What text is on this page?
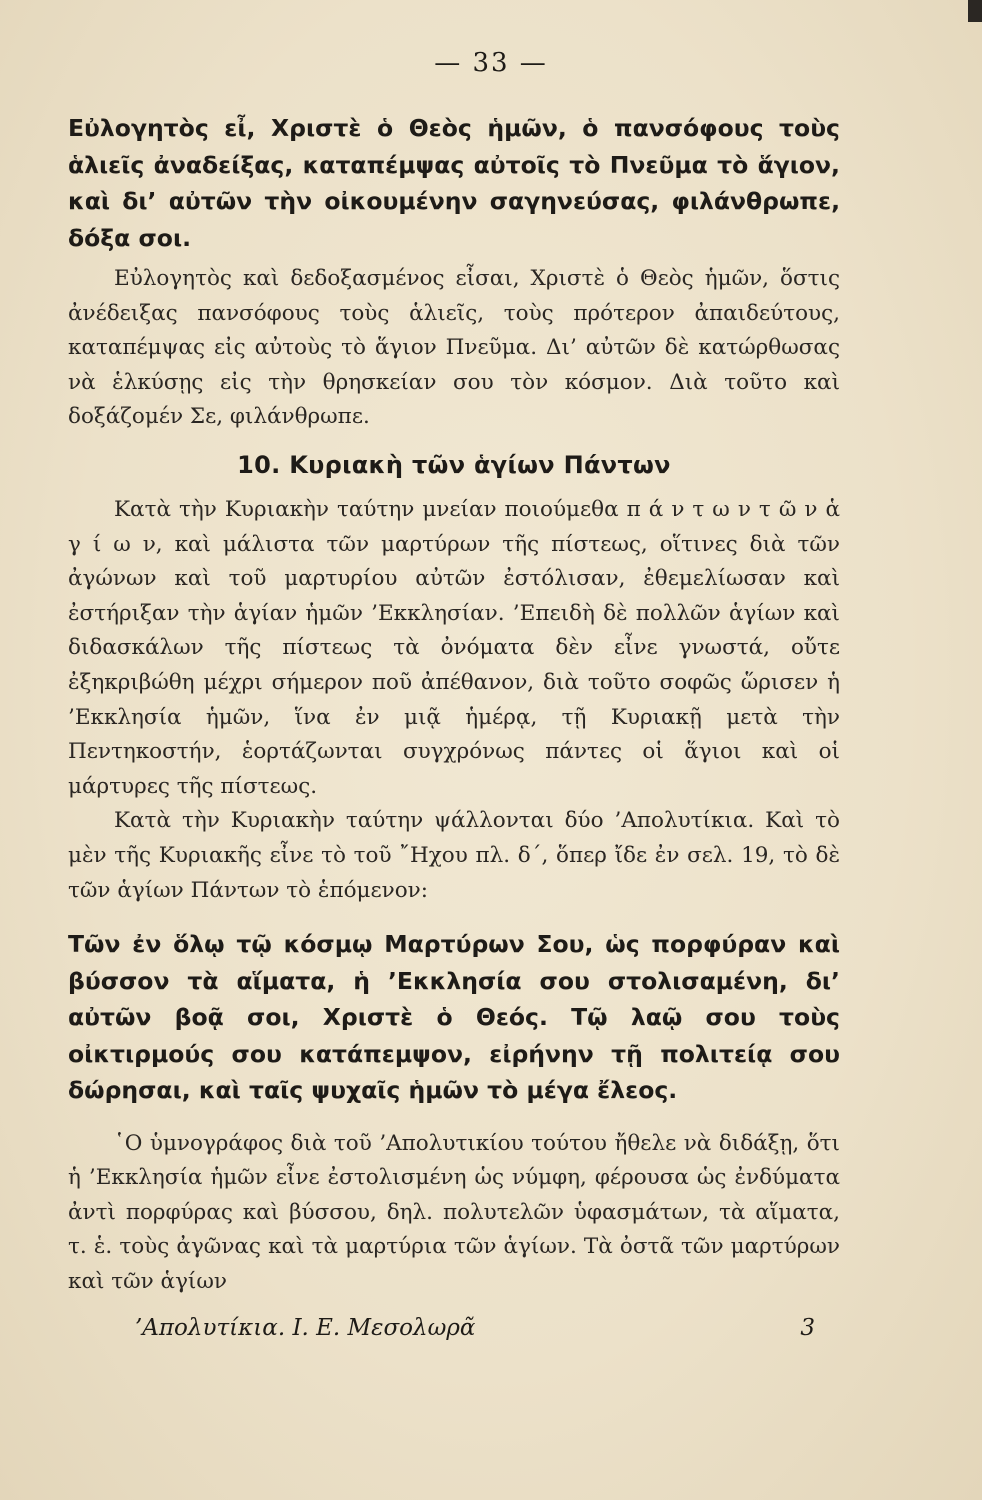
— 33 —

Εὐλογητὸς εἶ, Χριστὲ ὁ Θεὸς ἡμῶν, ὁ πανσόφους τοὺς ἁλιεῖς ἀναδείξας, καταπέμψας αὐτοῖς τὸ Πνεῦμα τὸ ἅγιον, καὶ δι’ αὐτῶν τὴν οἰκουμένην σαγηνεύσας, φιλάνθρωπε, δόξα σοι.

Εὐλογητὸς καὶ δεδοξασμένος εἶσαι, Χριστὲ ὁ Θεὸς ἡμῶν, ὅστις ἀνέδειξας πανσόφους τοὺς ἁλιεῖς, τοὺς πρότερον ἀπαιδεύτους, καταπέμψας εἰς αὐτοὺς τὸ ἅγιον Πνεῦμα. Δι’ αὐτῶν δὲ κατώρθωσας νὰ ἑλκύσῃς εἰς τὴν θρησκείαν σου τὸν κόσμον. Διὰ τοῦτο καὶ δοξάζομέν Σε, φιλάνθρωπε.

10. Κυριακὴ τῶν ἁγίων Πάντων

Κατὰ τὴν Κυριακὴν ταύτην μνείαν ποιούμεθα π ά ν τ ω ν τ ῶ ν ἁ γ ί ω ν, καὶ μάλιστα τῶν μαρτύρων τῆς πίστεως, οἵτινες διὰ τῶν ἀγώνων καὶ τοῦ μαρτυρίου αὐτῶν ἐστόλισαν, ἐθεμελίωσαν καὶ ἐστήριξαν τὴν ἁγίαν ἡμῶν ’Εκκλησίαν. ’Επειδὴ δὲ πολλῶν ἁγίων καὶ διδασκάλων τῆς πίστεως τὰ ὀνόματα δὲν εἶνε γνωστά, οὔτε ἐξηκριβώθη μέχρι σήμερον ποῦ ἀπέθανον, διὰ τοῦτο σοφῶς ὥρισεν ἡ ’Εκκλησία ἡμῶν, ἵνα ἐν μιᾷ ἡμέρᾳ, τῇ Κυριακῇ μετὰ τὴν Πεντηκοστήν, ἑορτάζωνται συγχρόνως πάντες οἱ ἅγιοι καὶ οἱ μάρτυρες τῆς πίστεως.

Κατὰ τὴν Κυριακὴν ταύτην ψάλλονται δύο ’Απολυτίκια. Καὶ τὸ μὲν τῆς Κυριακῆς εἶνε τὸ τοῦ ῎Ηχου πλ. δ΄, ὅπερ ἴδε ἐν σελ. 19, τὸ δὲ τῶν ἁγίων Πάντων τὸ ἑπόμενον:

Τῶν ἐν ὅλῳ τῷ κόσμῳ Μαρτύρων Σου, ὡς πορφύραν καὶ βύσσον τὰ αἵματα, ἡ ’Εκκλησία σου στολισαμένη, δι’ αὐτῶν βοᾷ σοι, Χριστὲ ὁ Θεός. Τῷ λαῷ σου τοὺς οἰκτιρμούς σου κατάπεμψον, εἰρήνην τῇ πολιτείᾳ σου δώρησαι, καὶ ταῖς ψυχαῖς ἡμῶν τὸ μέγα ἔλεος.

῾Ο ὑμνογράφος διὰ τοῦ ’Απολυτικίου τούτου ἤθελε νὰ διδάξῃ, ὅτι ἡ ’Εκκλησία ἡμῶν εἶνε ἐστολισμένη ὡς νύμφη, φέρουσα ὡς ἐνδύματα ἀντὶ πορφύρας καὶ βύσσου, δηλ. πολυτελῶν ὑφασμάτων, τὰ αἵματα, τ. ἑ. τοὺς ἀγῶνας καὶ τὰ μαρτύρια τῶν ἁγίων. Τὰ ὀστᾶ τῶν μαρτύρων καὶ τῶν ἁγίων

’Απολυτίκια. Ι. Ε. Μεσολωρᾶ	3
